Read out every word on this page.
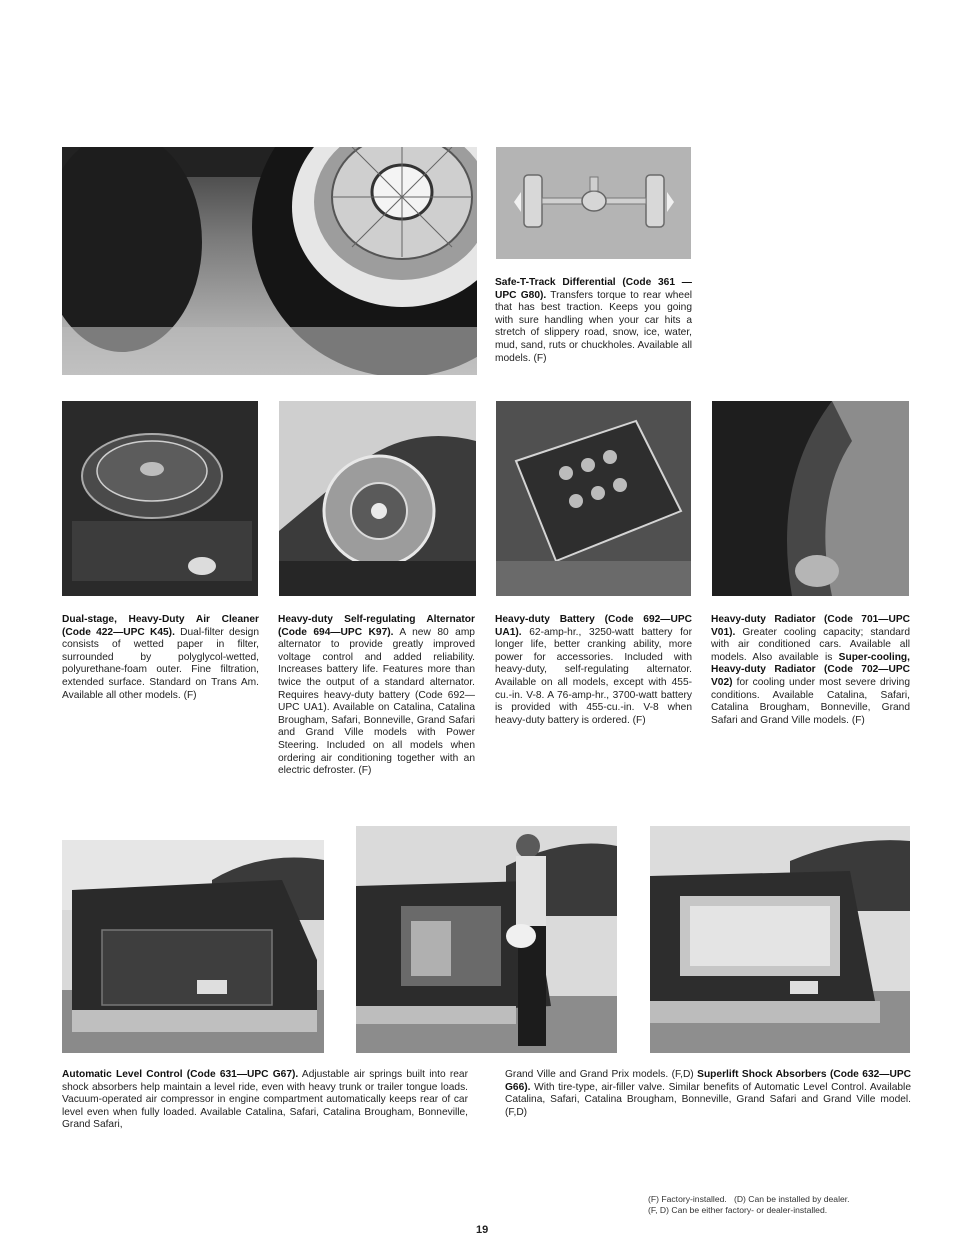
Safe-T-Track Differential (Code 361 —UPC G80). Transfers torque to rear wheel that has best traction. Keeps you going with sure handling when your car hits a stretch of slippery road, snow, ice, water, mud, sand, ruts or chuckholes. Available all models. (F)
Dual-stage, Heavy-Duty Air Cleaner (Code 422—UPC K45). Dual-filter design consists of wetted paper in filter, surrounded by polyglycol-wetted, polyurethane-foam outer. Fine filtration, extended surface. Standard on Trans Am. Available all other models. (F)
Heavy-duty Self-regulating Alternator (Code 694—UPC K97). A new 80 amp alternator to provide greatly improved voltage control and added reliability. Increases battery life. Features more than twice the output of a standard alternator. Requires heavy-duty battery (Code 692—UPC UA1). Available on Catalina, Catalina Brougham, Safari, Bonneville, Grand Safari and Grand Ville models with Power Steering. Included on all models when ordering air conditioning together with an electric defroster. (F)
Heavy-duty Battery (Code 692—UPC UA1). 62-amp-hr., 3250-watt battery for longer life, better cranking ability, more power for accessories. Included with heavy-duty, self-regulating alternator. Available on all models, except with 455-cu.-in. V-8. A 76-amp-hr., 3700-watt battery is provided with 455-cu.-in. V-8 when heavy-duty battery is ordered. (F)
Heavy-duty Radiator (Code 701—UPC V01). Greater cooling capacity; standard with air conditioned cars. Available all models. Also available is Super-cooling, Heavy-duty Radiator (Code 702—UPC V02) for cooling under most severe driving conditions. Available Catalina, Safari, Catalina Brougham, Bonneville, Grand Safari and Grand Ville models. (F)
Automatic Level Control (Code 631—UPC G67). Adjustable air springs built into rear shock absorbers help maintain a level ride, even with heavy trunk or trailer tongue loads. Vacuum-operated air compressor in engine compartment automatically keeps rear of car level even when fully loaded. Available Catalina, Safari, Catalina Brougham, Bonneville, Grand Safari,
Grand Ville and Grand Prix models. (F,D) Superlift Shock Absorbers (Code 632—UPC G66). With tire-type, air-filler valve. Similar benefits of Automatic Level Control. Available Catalina, Safari, Catalina Brougham, Bonneville, Grand Safari and Grand Ville model. (F,D)
(F) Factory-installed.   (D) Can be installed by dealer.
(F, D) Can be either factory- or dealer-installed.
19
